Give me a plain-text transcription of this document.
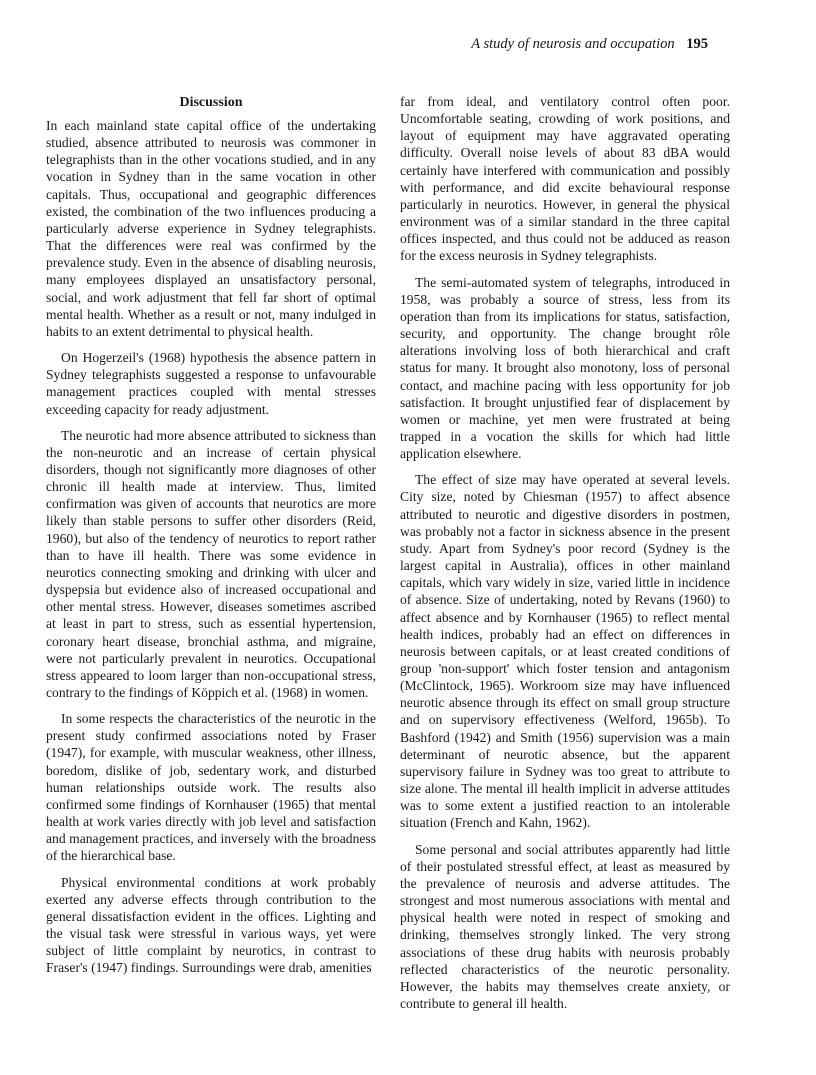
A study of neurosis and occupation 195
Discussion

In each mainland state capital office of the undertaking studied, absence attributed to neurosis was commoner in telegraphists than in the other vocations studied, and in any vocation in Sydney than in the same vocation in other capitals. Thus, occupational and geographic differences existed, the combination of the two influences producing a particularly adverse experience in Sydney telegraphists. That the differences were real was confirmed by the prevalence study. Even in the absence of disabling neurosis, many employees displayed an unsatisfactory personal, social, and work adjustment that fell far short of optimal mental health. Whether as a result or not, many indulged in habits to an extent detrimental to physical health.

On Hogerzeil's (1968) hypothesis the absence pattern in Sydney telegraphists suggested a response to unfavourable management practices coupled with mental stresses exceeding capacity for ready adjustment.

The neurotic had more absence attributed to sickness than the non-neurotic and an increase of certain physical disorders, though not significantly more diagnoses of other chronic ill health made at interview. Thus, limited confirmation was given of accounts that neurotics are more likely than stable persons to suffer other disorders (Reid, 1960), but also of the tendency of neurotics to report rather than to have ill health. There was some evidence in neurotics connecting smoking and drinking with ulcer and dyspepsia but evidence also of increased occupational and other mental stress. However, diseases sometimes ascribed at least in part to stress, such as essential hypertension, coronary heart disease, bronchial asthma, and migraine, were not particularly prevalent in neurotics. Occupational stress appeared to loom larger than non-occupational stress, contrary to the findings of Köppich et al. (1968) in women.

In some respects the characteristics of the neurotic in the present study confirmed associations noted by Fraser (1947), for example, with muscular weakness, other illness, boredom, dislike of job, sedentary work, and disturbed human relationships outside work. The results also confirmed some findings of Kornhauser (1965) that mental health at work varies directly with job level and satisfaction and management practices, and inversely with the broadness of the hierarchical base.

Physical environmental conditions at work probably exerted any adverse effects through contribution to the general dissatisfaction evident in the offices. Lighting and the visual task were stressful in various ways, yet were subject of little complaint by neurotics, in contrast to Fraser's (1947) findings. Surroundings were drab, amenities

far from ideal, and ventilatory control often poor. Uncomfortable seating, crowding of work positions, and layout of equipment may have aggravated operating difficulty. Overall noise levels of about 83 dBA would certainly have interfered with communication and possibly with performance, and did excite behavioural response particularly in neurotics. However, in general the physical environment was of a similar standard in the three capital offices inspected, and thus could not be adduced as reason for the excess neurosis in Sydney telegraphists.

The semi-automated system of telegraphs, introduced in 1958, was probably a source of stress, less from its operation than from its implications for status, satisfaction, security, and opportunity. The change brought rôle alterations involving loss of both hierarchical and craft status for many. It brought also monotony, loss of personal contact, and machine pacing with less opportunity for job satisfaction. It brought unjustified fear of displacement by women or machine, yet men were frustrated at being trapped in a vocation the skills for which had little application elsewhere.

The effect of size may have operated at several levels. City size, noted by Chiesman (1957) to affect absence attributed to neurotic and digestive disorders in postmen, was probably not a factor in sickness absence in the present study. Apart from Sydney's poor record (Sydney is the largest capital in Australia), offices in other mainland capitals, which vary widely in size, varied little in incidence of absence. Size of undertaking, noted by Revans (1960) to affect absence and by Kornhauser (1965) to reflect mental health indices, probably had an effect on differences in neurosis between capitals, or at least created conditions of group 'non-support' which foster tension and antagonism (McClintock, 1965). Workroom size may have influenced neurotic absence through its effect on small group structure and on supervisory effectiveness (Welford, 1965b). To Bashford (1942) and Smith (1956) supervision was a main determinant of neurotic absence, but the apparent supervisory failure in Sydney was too great to attribute to size alone. The mental ill health implicit in adverse attitudes was to some extent a justified reaction to an intolerable situation (French and Kahn, 1962).

Some personal and social attributes apparently had little of their postulated stressful effect, at least as measured by the prevalence of neurosis and adverse attitudes. The strongest and most numerous associations with mental and physical health were noted in respect of smoking and drinking, themselves strongly linked. The very strong associations of these drug habits with neurosis probably reflected characteristics of the neurotic personality. However, the habits may themselves create anxiety, or contribute to general ill health.
